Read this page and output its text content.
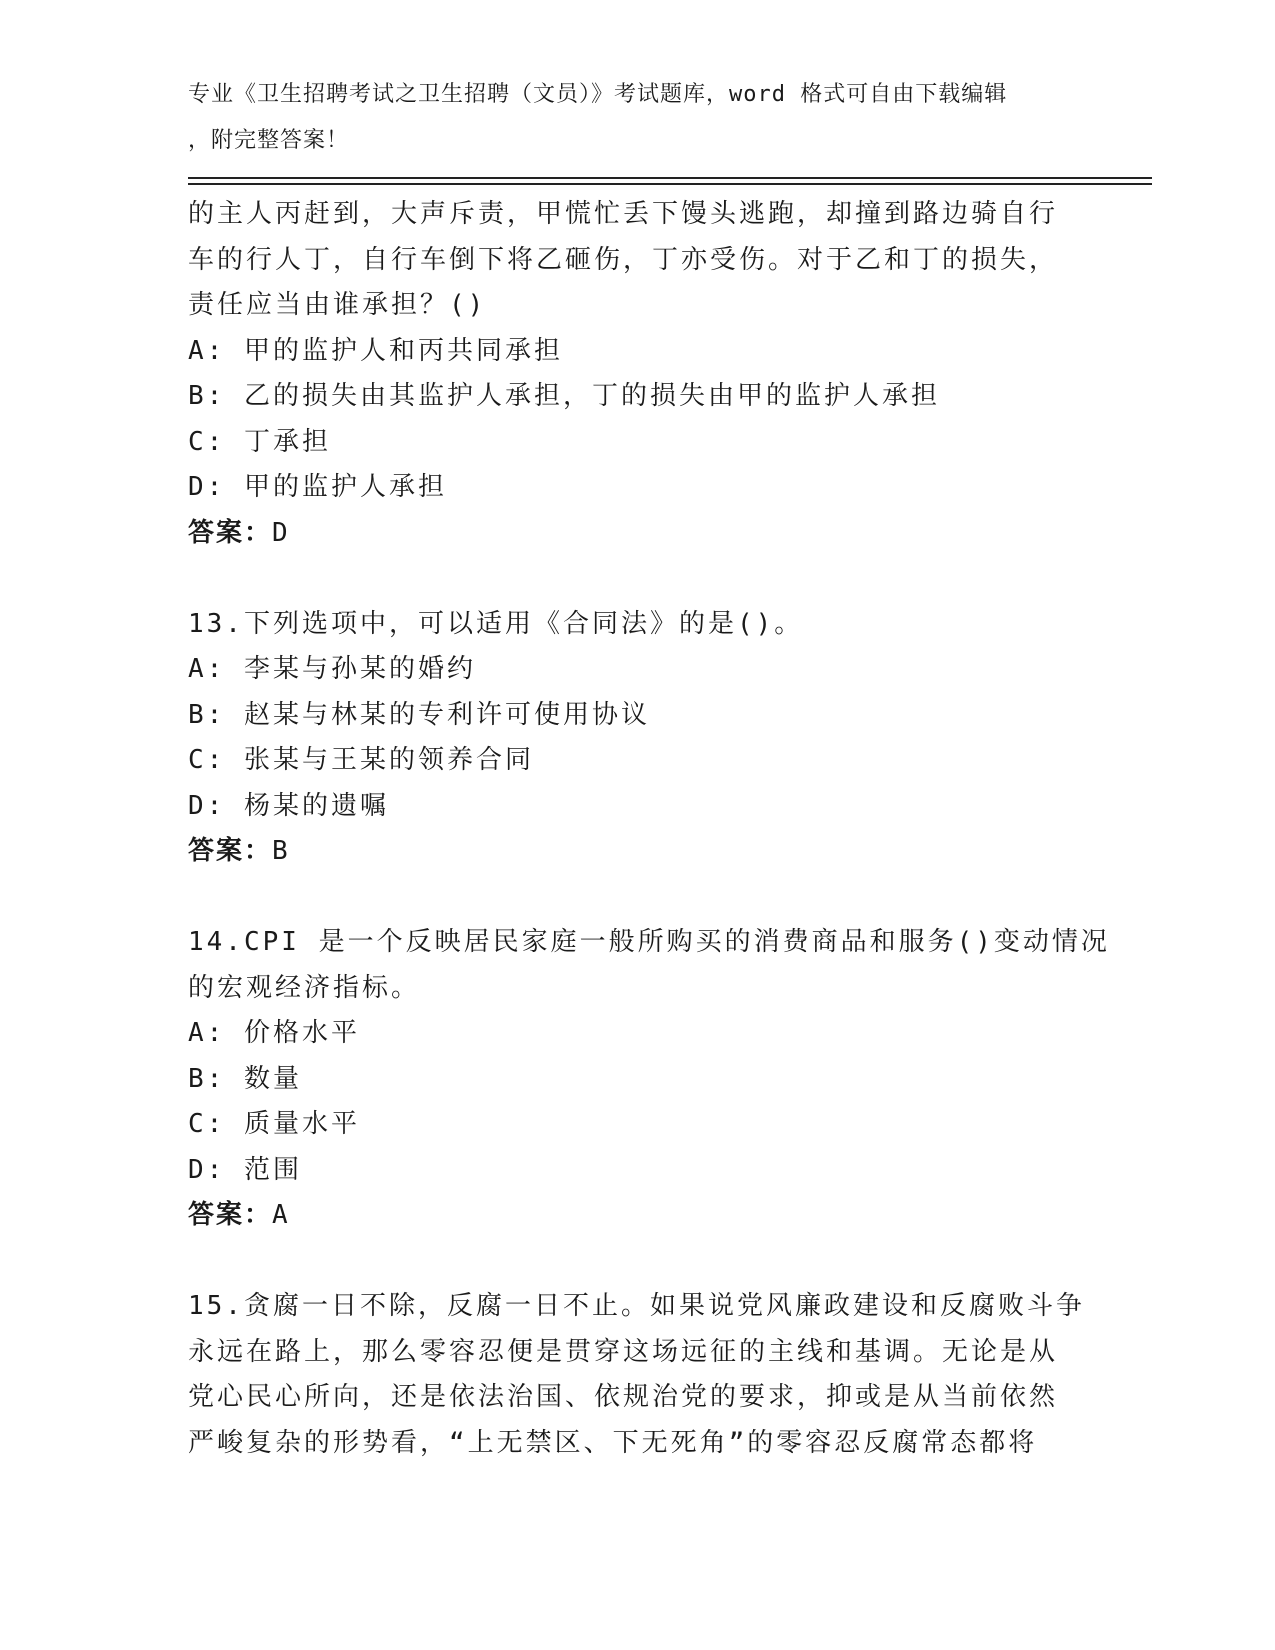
专业《卫生招聘考试之卫生招聘（文员）》考试题库，word 格式可自由下载编辑
，附完整答案！
的主人丙赶到，大声斥责，甲慌忙丢下馒头逃跑，却撞到路边骑自行
车的行人丁，自行车倒下将乙砸伤，丁亦受伤。对于乙和丁的损失，
责任应当由谁承担？()
A: 甲的监护人和丙共同承担
B: 乙的损失由其监护人承担，丁的损失由甲的监护人承担
C: 丁承担
D: 甲的监护人承担
答案：D
13.下列选项中，可以适用《合同法》的是()。
A: 李某与孙某的婚约
B: 赵某与林某的专利许可使用协议
C: 张某与王某的领养合同
D: 杨某的遗嘱
答案：B
14.CPI 是一个反映居民家庭一般所购买的消费商品和服务()变动情况
的宏观经济指标。
A: 价格水平
B: 数量
C: 质量水平
D: 范围
答案：A
15.贪腐一日不除，反腐一日不止。如果说党风廉政建设和反腐败斗争
永远在路上，那么零容忍便是贯穿这场远征的主线和基调。无论是从
党心民心所向，还是依法治国、依规治党的要求，抑或是从当前依然
严峻复杂的形势看，“上无禁区、下无死角”的零容忍反腐常态都将
